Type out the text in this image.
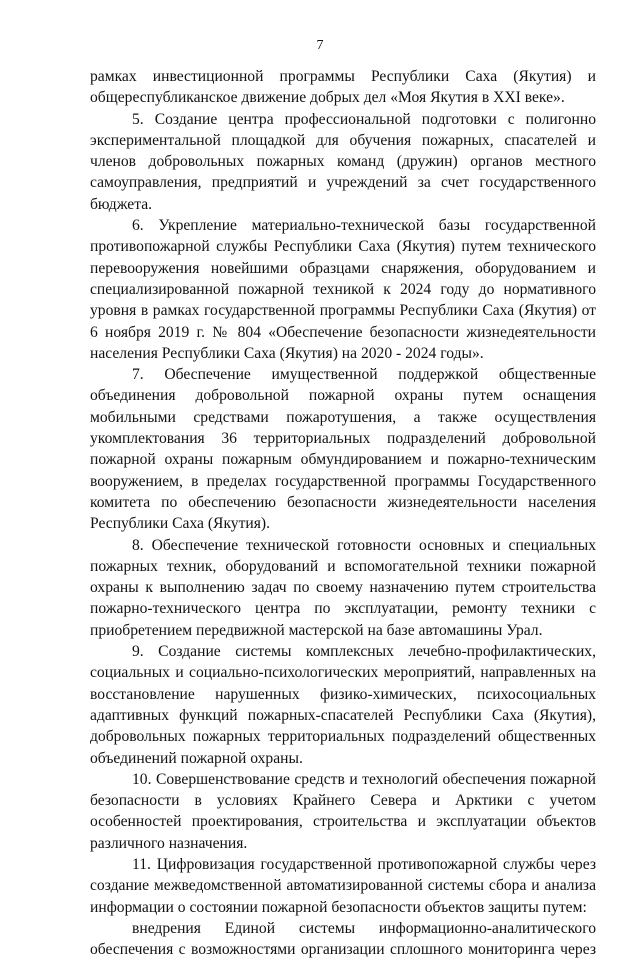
7

рамках инвестиционной программы Республики Саха (Якутия) и общереспубликанское движение добрых дел «Моя Якутия в XXI веке».

5. Создание центра профессиональной подготовки с полигонно экспериментальной площадкой для обучения пожарных, спасателей и членов добровольных пожарных команд (дружин) органов местного самоуправления, предприятий и учреждений за счет государственного бюджета.

6. Укрепление материально-технической базы государственной противопожарной службы Республики Саха (Якутия) путем технического перевооружения новейшими образцами снаряжения, оборудованием и специализированной пожарной техникой к 2024 году до нормативного уровня в рамках государственной программы Республики Саха (Якутия) от 6 ноября 2019 г. № 804 «Обеспечение безопасности жизнедеятельности населения Республики Саха (Якутия) на 2020 - 2024 годы».

7. Обеспечение имущественной поддержкой общественные объединения добровольной пожарной охраны путем оснащения мобильными средствами пожаротушения, а также осуществления укомплектования 36 территориальных подразделений добровольной пожарной охраны пожарным обмундированием и пожарно-техническим вооружением, в пределах государственной программы Государственного комитета по обеспечению безопасности жизнедеятельности населения Республики Саха (Якутия).

8. Обеспечение технической готовности основных и специальных пожарных техник, оборудований и вспомогательной техники пожарной охраны к выполнению задач по своему назначению путем строительства пожарно-технического центра по эксплуатации, ремонту техники с приобретением передвижной мастерской на базе автомашины Урал.

9. Создание системы комплексных лечебно-профилактических, социальных и социально-психологических мероприятий, направленных на восстановление нарушенных физико-химических, психосоциальных адаптивных функций пожарных-спасателей Республики Саха (Якутия), добровольных пожарных территориальных подразделений общественных объединений пожарной охраны.

10. Совершенствование средств и технологий обеспечения пожарной безопасности в условиях Крайнего Севера и Арктики с учетом особенностей проектирования, строительства и эксплуатации объектов различного назначения.

11. Цифровизация государственной противопожарной службы через создание межведомственной автоматизированной системы сбора и анализа информации о состоянии пожарной безопасности объектов защиты путем:

внедрения Единой системы информационно-аналитического обеспечения с возможностями организации сплошного мониторинга через
